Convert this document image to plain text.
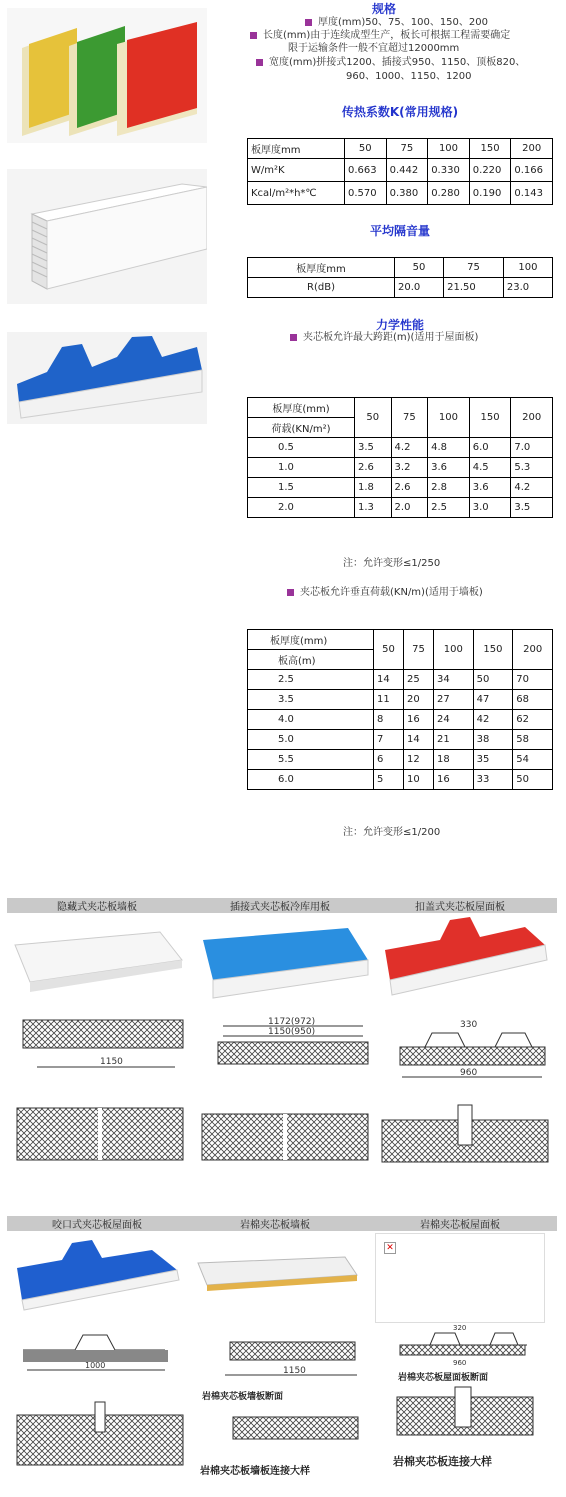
规格
厚度(mm)50、75、100、150、200
长度(mm)由于连续成型生产，板长可根据工程需要确定
限于运输条件一般不宜超过12000mm
宽度(mm)拼接式1200、插接式950、1150、顶板820、
960、1000、1150、1200
传热系数K(常用规格)
板厚度mm	50	75	100	150	200
W/m²K	0.663	0.442	0.330	0.220	0.166
Kcal/m²*h*℃	0.570	0.380	0.280	0.190	0.143
平均隔音量
板厚度mm	50	75	100
R(dB)	20.0	21.50	23.0
力学性能
夹芯板允许最大跨距(m)(适用于屋面板)
板厚度(mm)	50	75	100	150	200
荷载(KN/m²)					
0.5	3.5	4.2	4.8	6.0	7.0
1.0	2.6	3.2	3.6	4.5	5.3
1.5	1.8	2.6	2.8	3.6	4.2
2.0	1.3	2.0	2.5	3.0	3.5
注：允许变形≤1/250
夹芯板允许垂直荷载(KN/m)(适用于墙板)
板厚度(mm)	50	75	100	150	200
板高(m)					
2.5	14	25	34	50	70
3.5	11	20	27	47	68
4.0	8	16	24	42	62
5.0	7	14	21	38	58
5.5	6	12	18	35	54
6.0	5	10	16	33	50
注：允许变形≤1/200
隐藏式夹芯板墙板	插接式夹芯板冷库用板	扣盖式夹芯板屋面板
1150
1172(972)
1150(950)
330
960
咬口式夹芯板屋面板	岩棉夹芯板墙板	岩棉夹芯板屋面板
✕
1000
1150
320
960
岩棉夹芯板屋面板断面
岩棉夹芯板墙板断面
岩棉夹芯板墙板连接大样
岩棉夹芯板连接大样
